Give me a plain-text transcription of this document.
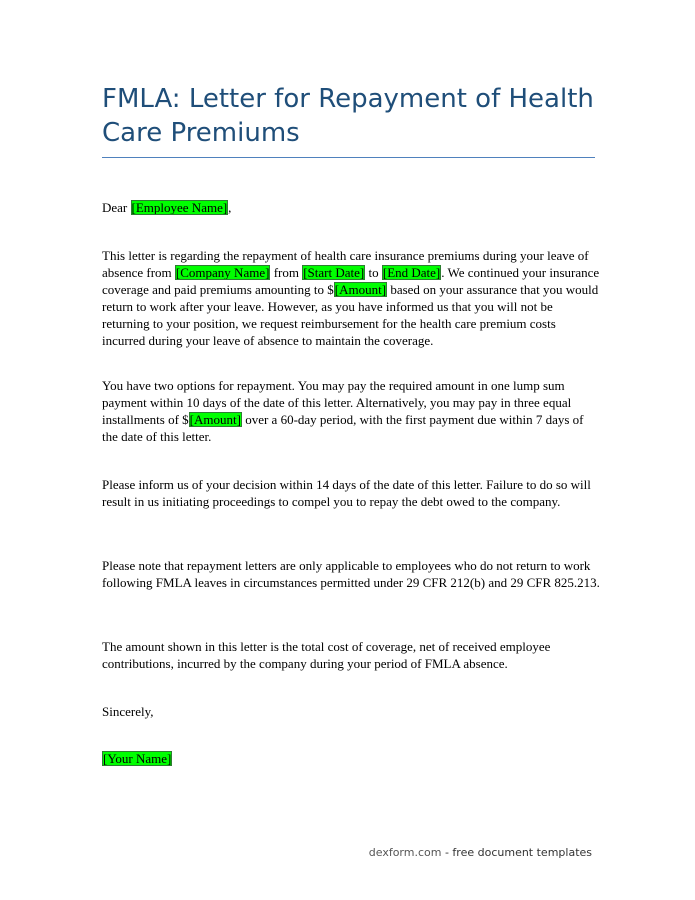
FMLA: Letter for Repayment of Health Care Premiums

Dear [Employee Name],

This letter is regarding the repayment of health care insurance premiums during your leave of absence from [Company Name] from [Start Date] to [End Date]. We continued your insurance coverage and paid premiums amounting to $[Amount] based on your assurance that you would return to work after your leave. However, as you have informed us that you will not be returning to your position, we request reimbursement for the health care premium costs incurred during your leave of absence to maintain the coverage.

You have two options for repayment. You may pay the required amount in one lump sum payment within 10 days of the date of this letter. Alternatively, you may pay in three equal installments of $[Amount] over a 60-day period, with the first payment due within 7 days of the date of this letter.

Please inform us of your decision within 14 days of the date of this letter. Failure to do so will result in us initiating proceedings to compel you to repay the debt owed to the company.

Please note that repayment letters are only applicable to employees who do not return to work following FMLA leaves in circumstances permitted under 29 CFR 212(b) and 29 CFR 825.213.

The amount shown in this letter is the total cost of coverage, net of received employee contributions, incurred by the company during your period of FMLA absence.

Sincerely,

[Your Name]

dexform.com - free document templates
